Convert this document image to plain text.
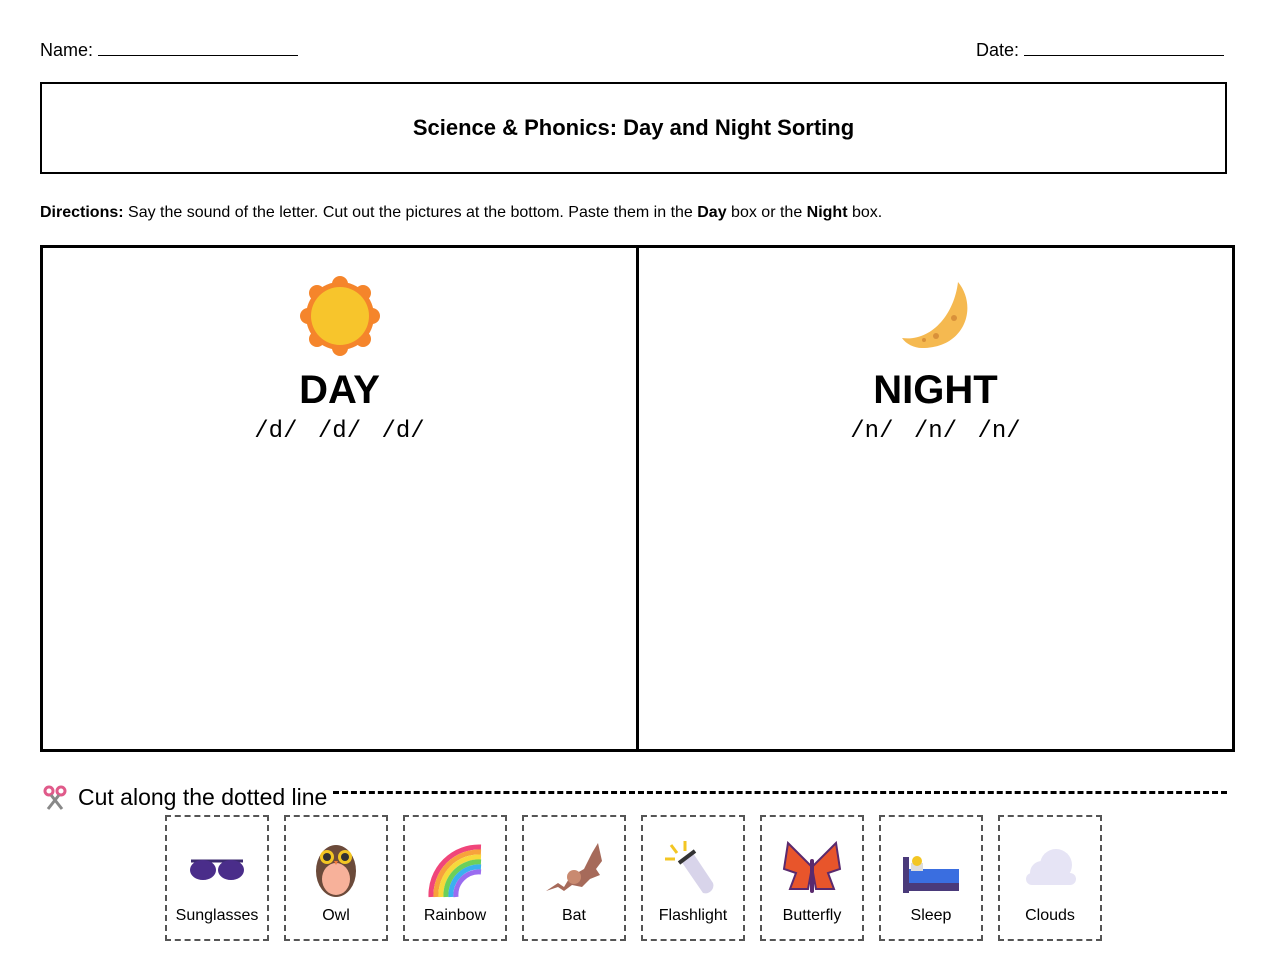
Name:	Date:
Science & Phonics: Day and Night Sorting
Directions: Say the sound of the letter. Cut out the pictures at the bottom. Paste them in the Day box or the Night box.
DAY
/d/ /d/ /d/
NIGHT
/n/ /n/ /n/
Cut along the dotted line
Sunglasses	Owl	Rainbow	Bat	Flashlight	Butterfly	Sleep	Clouds
